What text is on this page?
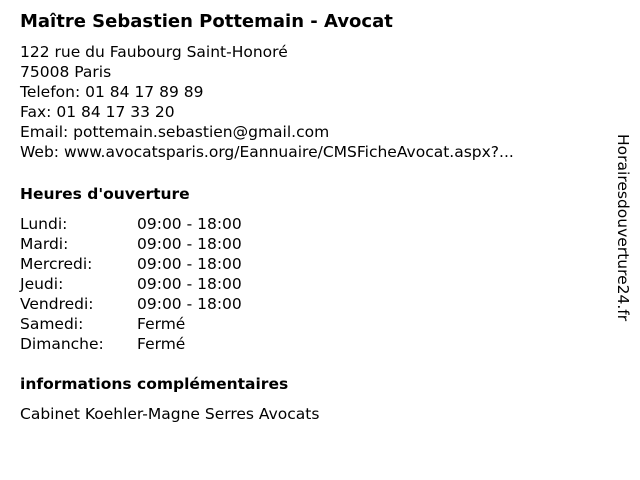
Maître Sebastien Pottemain - Avocat
122 rue du Faubourg Saint-Honoré
75008 Paris
Telefon: 01 84 17 89 89
Fax: 01 84 17 33 20
Email: pottemain.sebastien@gmail.com
Web: www.avocatsparis.org/Eannuaire/CMSFicheAvocat.aspx?...
Heures d'ouverture
Lundi:	09:00 - 18:00
Mardi:	09:00 - 18:00
Mercredi:	09:00 - 18:00
Jeudi:	09:00 - 18:00
Vendredi:	09:00 - 18:00
Samedi:	Fermé
Dimanche:	Fermé
informations complémentaires
Cabinet Koehler-Magne Serres Avocats
Horairesdouverture24.fr
